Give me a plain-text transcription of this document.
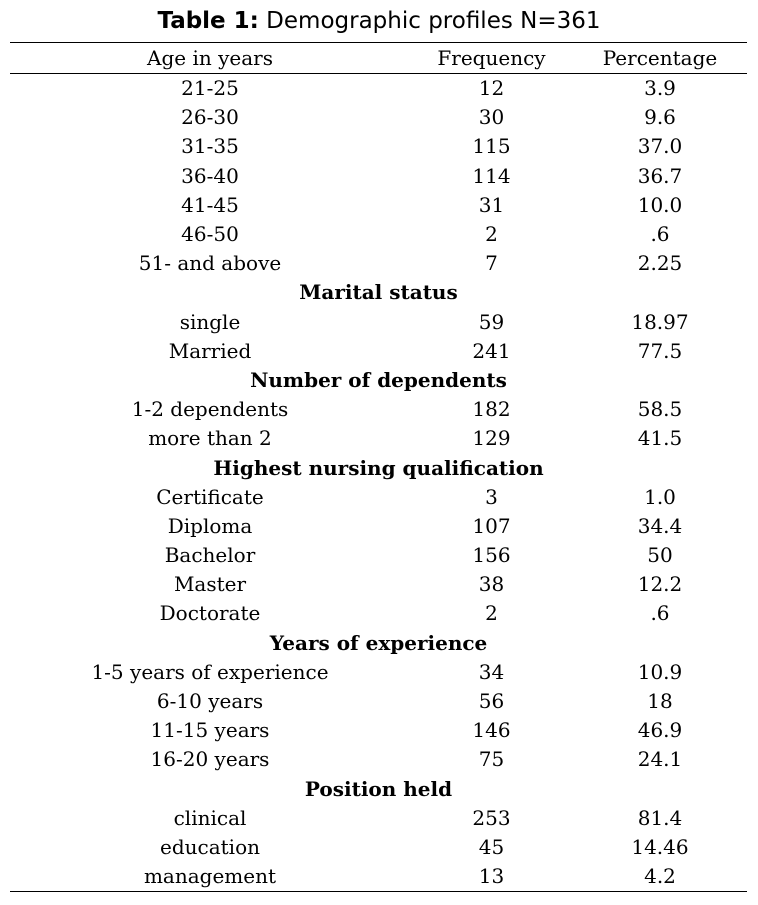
Table 1: Demographic profiles N=361
Age in years	Frequency	Percentage
21-25	12	3.9
26-30	30	9.6
31-35	115	37.0
36-40	114	36.7
41-45	31	10.0
46-50	2	.6
51- and above	7	2.25
Marital status		
single	59	18.97
Married	241	77.5
Number of dependents		
1-2 dependents	182	58.5
more than 2	129	41.5
Highest nursing qualification		
Certificate	3	1.0
Diploma	107	34.4
Bachelor	156	50
Master	38	12.2
Doctorate	2	.6
Years of experience		
1-5 years of experience	34	10.9
6-10 years	56	18
11-15 years	146	46.9
16-20 years	75	24.1
Position held		
clinical	253	81.4
education	45	14.46
management	13	4.2
